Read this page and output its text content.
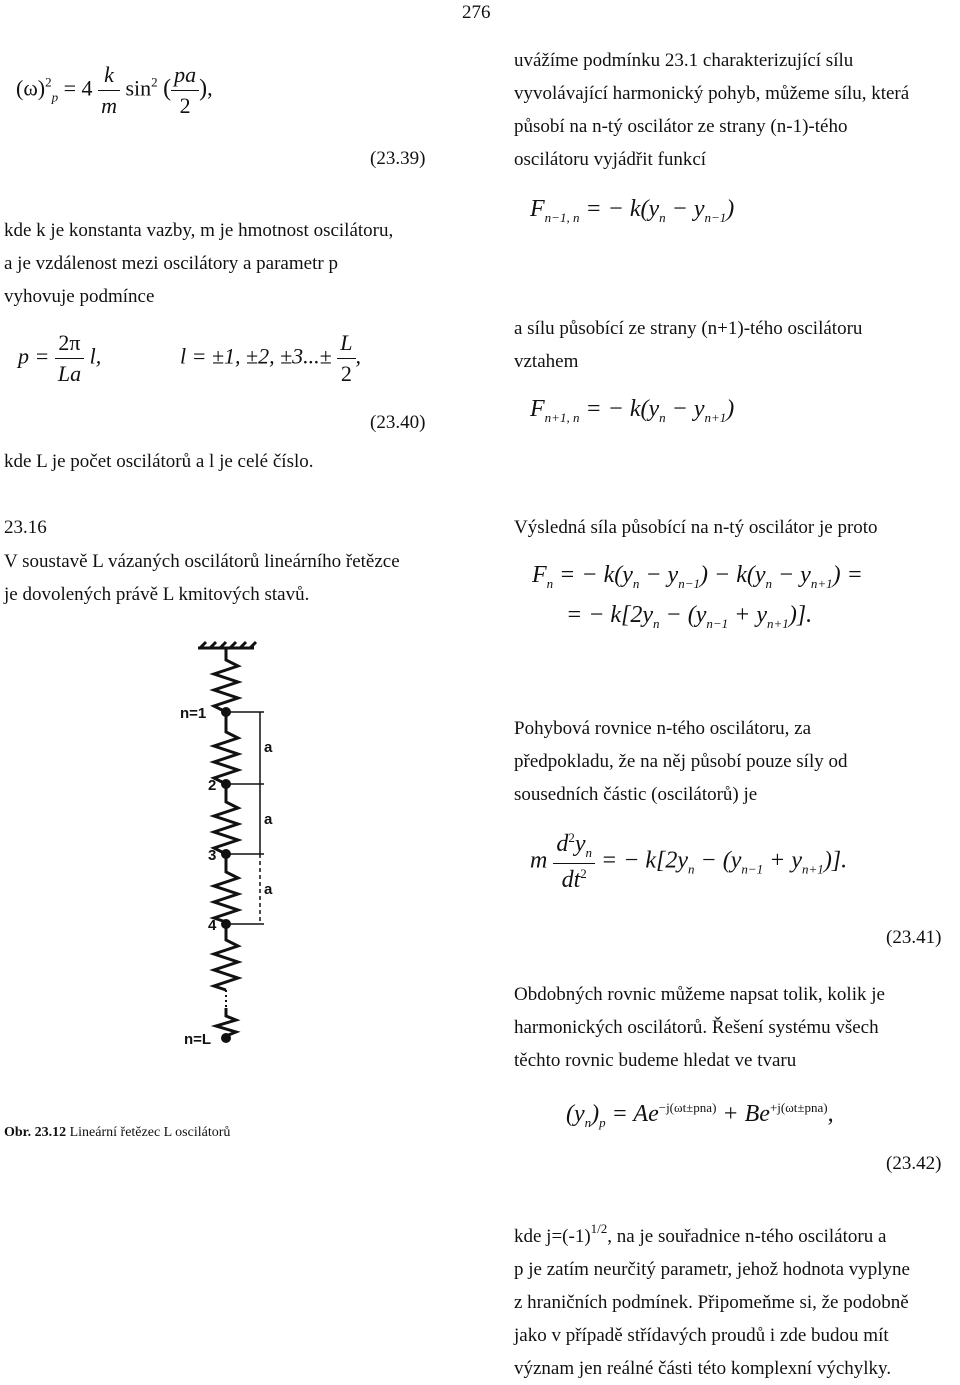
276
$(\omega)^2_p = 4 \frac{k}{m} \sin^2$ ( $\frac{pa}{2}$ ),
(23.39)
kde k je konstanta vazby, m je hmotnost oscilátoru,
a je vzdálenost mezi oscilátory a parametr p
vyhovuje podmínce
$p = \frac{2\pi}{La} l$,	l = ±1, ±2, $\pm 3...\pm \frac{L}{2}$ ,
(23.40)
kde L je počet oscilátorů a l je celé číslo.
23.16
V soustavě L vázaných oscilátorů lineárního řetězce
je dovolených právě L kmitových stavů.
n=1
2
3
4
n=L
a
a
a
Obr. 23.12 Lineární řetězec L oscilátorů
uvážíme podmínku 23.1 charakterizující sílu
vyvolávající harmonický pohyb, můžeme sílu, která
působí na n-tý oscilátor ze strany (n-1)-tého
oscilátoru vyjádřit funkcí
$F_{n-1, n}$ = − $k(y_n - y_{n-1})$
a sílu působící ze strany (n+1)-tého oscilátoru
vztahem
$F_{n+1, n}$ = − $k(y_n - y_{n+1})$
Výsledná síla působící na n-tý oscilátor je proto
$F_n$ = − $k(y_n - y_{n-1}) - k(y_n - y_{n+1})$ =
= − $k[2y_n - (y_{n-1} + y_{n+1})]$.
Pohybová rovnice n-tého oscilátoru, za
předpokladu, že na něj působí pouze síly od
sousedních částic (oscilátorů) je
m $\frac{d^2y_n}{dt^2}$ = − $k[2y_n - (y_{n-1} + y_{n+1})]$.
(23.41)
Obdobných rovnic můžeme napsat tolik, kolik je
harmonických oscilátorů. Řešení systému všech
těchto rovnic budeme hledat ve tvaru
$(y_n)_p = Ae^{-j(\omega t\pm pna)} + Be^{+j(\omega t\pm pna)}$,
(23.42)
kde $j=(-1)^{1/2}$, na je souřadnice n-tého oscilátoru a
p je zatím neurčitý parametr, jehož hodnota vyplyne
z hraničních podmínek. Připomeňme si, že podobně
jako v případě střídavých proudů i zde budou mít
význam jen reálné části této komplexní výchylky.
